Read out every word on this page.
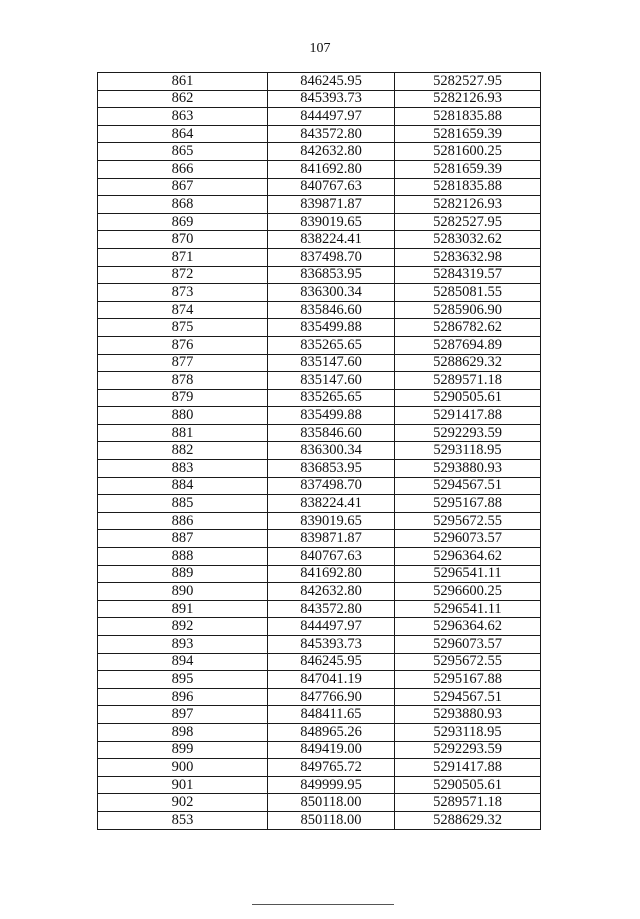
107
861	846245.95	5282527.95
862	845393.73	5282126.93
863	844497.97	5281835.88
864	843572.80	5281659.39
865	842632.80	5281600.25
866	841692.80	5281659.39
867	840767.63	5281835.88
868	839871.87	5282126.93
869	839019.65	5282527.95
870	838224.41	5283032.62
871	837498.70	5283632.98
872	836853.95	5284319.57
873	836300.34	5285081.55
874	835846.60	5285906.90
875	835499.88	5286782.62
876	835265.65	5287694.89
877	835147.60	5288629.32
878	835147.60	5289571.18
879	835265.65	5290505.61
880	835499.88	5291417.88
881	835846.60	5292293.59
882	836300.34	5293118.95
883	836853.95	5293880.93
884	837498.70	5294567.51
885	838224.41	5295167.88
886	839019.65	5295672.55
887	839871.87	5296073.57
888	840767.63	5296364.62
889	841692.80	5296541.11
890	842632.80	5296600.25
891	843572.80	5296541.11
892	844497.97	5296364.62
893	845393.73	5296073.57
894	846245.95	5295672.55
895	847041.19	5295167.88
896	847766.90	5294567.51
897	848411.65	5293880.93
898	848965.26	5293118.95
899	849419.00	5292293.59
900	849765.72	5291417.88
901	849999.95	5290505.61
902	850118.00	5289571.18
853	850118.00	5288629.32
